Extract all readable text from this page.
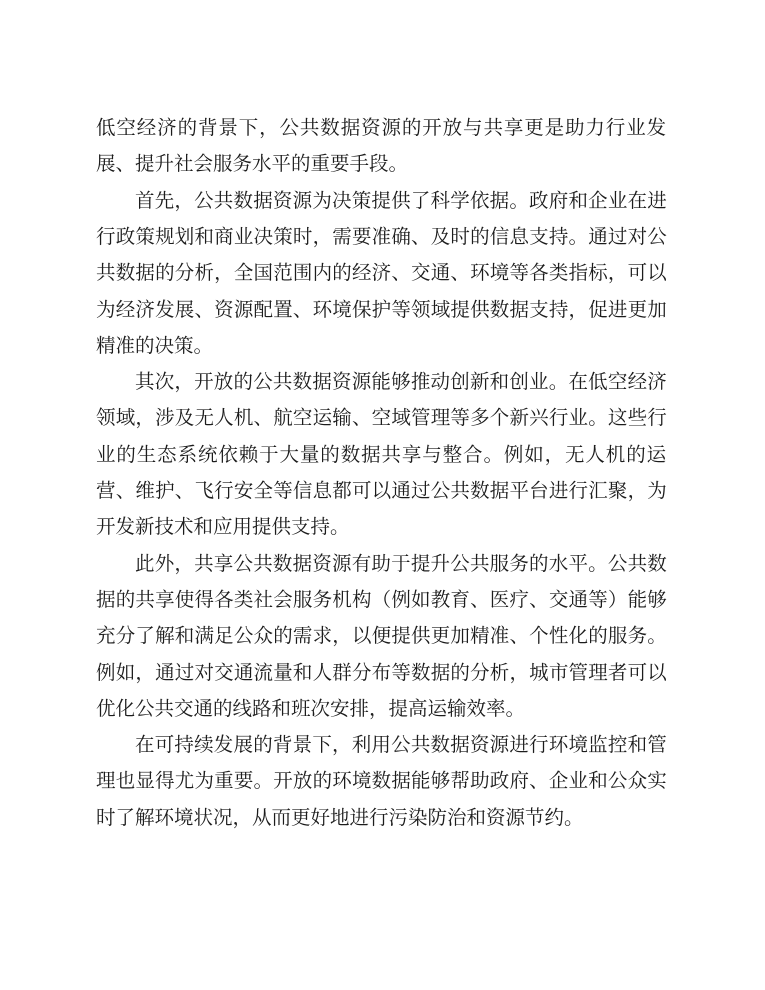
低空经济的背景下，公共数据资源的开放与共享更是助力行业发

展、提升社会服务水平的重要手段。

首先，公共数据资源为决策提供了科学依据。政府和企业在进

行政策规划和商业决策时，需要准确、及时的信息支持。通过对公

共数据的分析，全国范围内的经济、交通、环境等各类指标，可以

为经济发展、资源配置、环境保护等领域提供数据支持，促进更加

精准的决策。

其次，开放的公共数据资源能够推动创新和创业。在低空经济

领域，涉及无人机、航空运输、空域管理等多个新兴行业。这些行

业的生态系统依赖于大量的数据共享与整合。例如，无人机的运

营、维护、飞行安全等信息都可以通过公共数据平台进行汇聚，为

开发新技术和应用提供支持。

此外，共享公共数据资源有助于提升公共服务的水平。公共数

据的共享使得各类社会服务机构（例如教育、医疗、交通等）能够

充分了解和满足公众的需求，以便提供更加精准、个性化的服务。

例如，通过对交通流量和人群分布等数据的分析，城市管理者可以

优化公共交通的线路和班次安排，提高运输效率。

在可持续发展的背景下，利用公共数据资源进行环境监控和管

理也显得尤为重要。开放的环境数据能够帮助政府、企业和公众实

时了解环境状况，从而更好地进行污染防治和资源节约。
